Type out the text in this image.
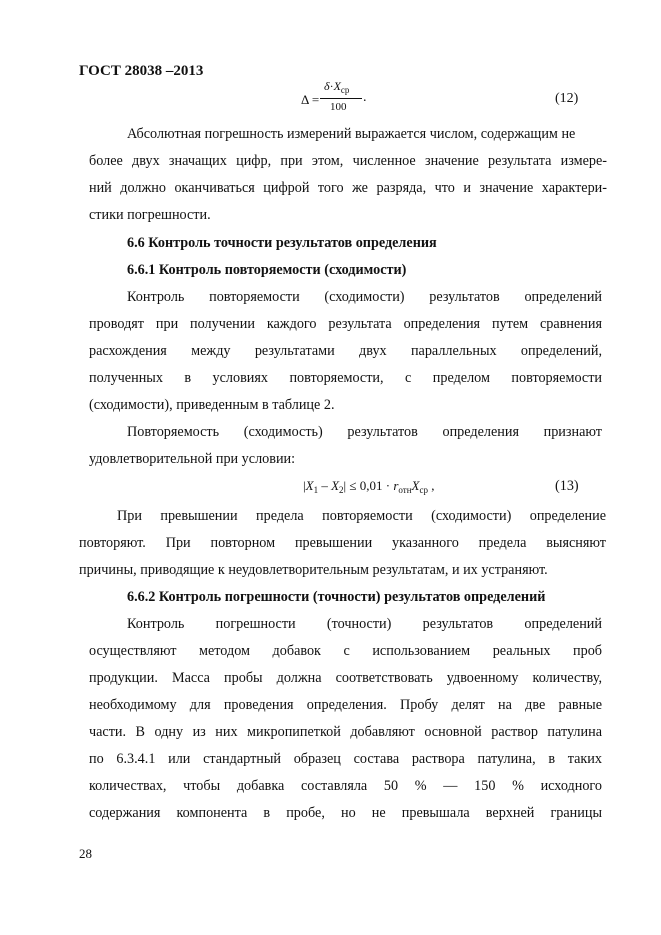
ГОСТ 28038 –2013
Δ =
$\delta\cdot X_{ср}$
100
.	(12)
Абсолютная погрешность измерений выражается числом, содержащим не
более двух значащих цифр, при этом, численное значение результата измере-
ний должно оканчиваться цифрой того же разряда, что и значение характери-
стики погрешности.
6.6 Контроль точности результатов определения
6.6.1 Контроль повторяемости (сходимости)
Контроль повторяемости (сходимости) результатов определений
проводят при получении каждого результата определения путем сравнения
расхождения между результатами двух параллельных определений,
полученных в условиях повторяемости, с пределом повторяемости
(сходимости), приведенным в таблице 2.
Повторяемость (сходимость) результатов определения признают
удовлетворительной при условии:
$|X_1 - X_2| \le 0,01 \cdot r_{отн}X_{ср}$ ,	(13)
При превышении предела повторяемости (сходимости) определение
повторяют. При повторном превышении указанного предела выясняют
причины, приводящие к неудовлетворительным результатам, и их устраняют.
6.6.2 Контроль погрешности (точности) результатов определений
Контроль погрешности (точности) результатов определений
осуществляют методом добавок с использованием реальных проб
продукции. Масса пробы должна соответствовать удвоенному количеству,
необходимому для проведения определения. Пробу делят на две равные
части. В одну из них микропипеткой добавляют основной раствор патулина
по 6.3.4.1 или стандартный образец состава раствора патулина, в таких
количествах, чтобы добавка составляла 50 % — 150 % исходного
содержания компонента в пробе, но не превышала верхней границы
28
